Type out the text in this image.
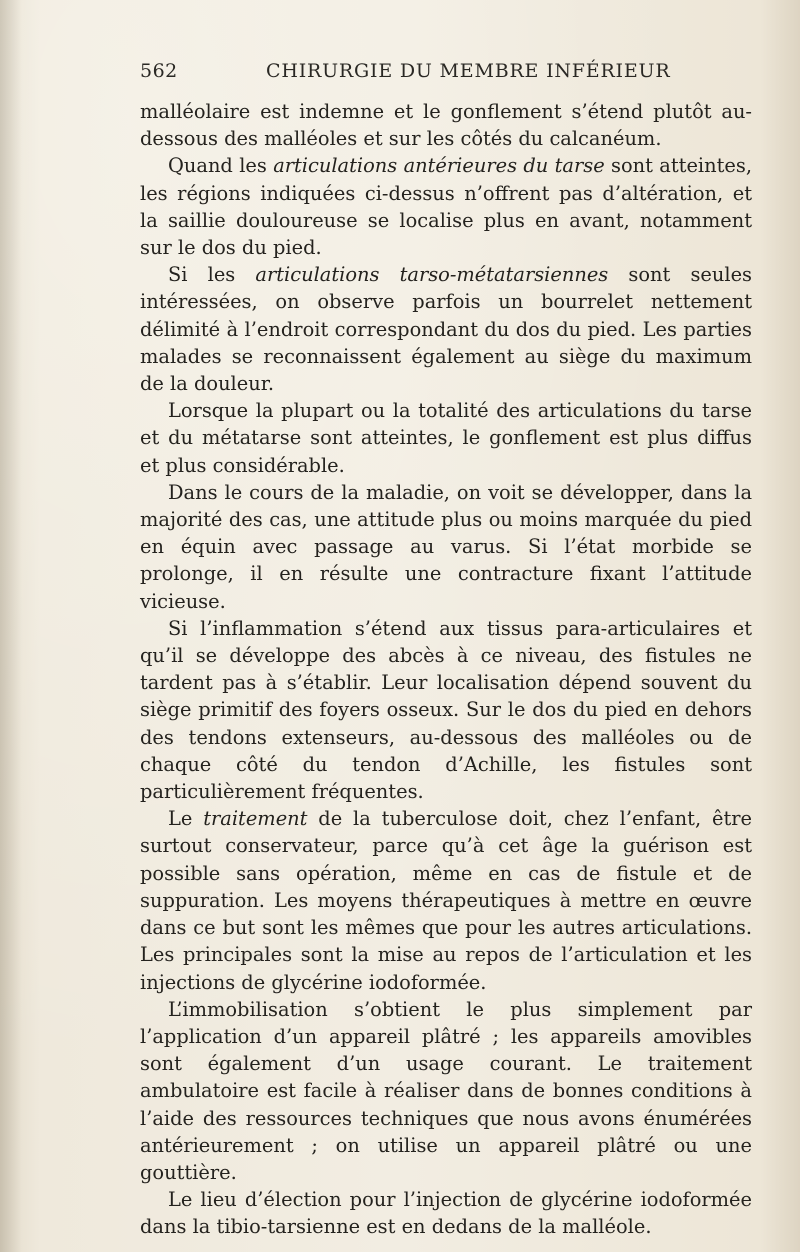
562	CHIRURGIE DU MEMBRE INFÉRIEUR

malléolaire est indemne et le gonflement s’étend plutôt au-dessous des malléoles et sur les côtés du calcanéum.

Quand les articulations antérieures du tarse sont atteintes, les régions indiquées ci-dessus n’offrent pas d’altération, et la saillie douloureuse se localise plus en avant, notamment sur le dos du pied.

Si les articulations tarso-métatarsiennes sont seules intéressées, on observe parfois un bourrelet nettement délimité à l’endroit correspondant du dos du pied. Les parties malades se reconnaissent également au siège du maximum de la douleur.

Lorsque la plupart ou la totalité des articulations du tarse et du métatarse sont atteintes, le gonflement est plus diffus et plus considérable.

Dans le cours de la maladie, on voit se développer, dans la majorité des cas, une attitude plus ou moins marquée du pied en équin avec passage au varus. Si l’état morbide se prolonge, il en résulte une contracture fixant l’attitude vicieuse.

Si l’inflammation s’étend aux tissus para-articulaires et qu’il se développe des abcès à ce niveau, des fistules ne tardent pas à s’établir. Leur localisation dépend souvent du siège primitif des foyers osseux. Sur le dos du pied en dehors des tendons extenseurs, au-dessous des malléoles ou de chaque côté du tendon d’Achille, les fistules sont particulièrement fréquentes.

Le traitement de la tuberculose doit, chez l’enfant, être surtout conservateur, parce qu’à cet âge la guérison est possible sans opération, même en cas de fistule et de suppuration. Les moyens thérapeutiques à mettre en œuvre dans ce but sont les mêmes que pour les autres articulations. Les principales sont la mise au repos de l’articulation et les injections de glycérine iodoformée.

L’immobilisation s’obtient le plus simplement par l’application d’un appareil plâtré ; les appareils amovibles sont également d’un usage courant. Le traitement ambulatoire est facile à réaliser dans de bonnes conditions à l’aide des ressources techniques que nous avons énumérées antérieurement ; on utilise un appareil plâtré ou une gouttière.

Le lieu d’élection pour l’injection de glycérine iodoformée dans la tibio-tarsienne est en dedans de la malléole.
